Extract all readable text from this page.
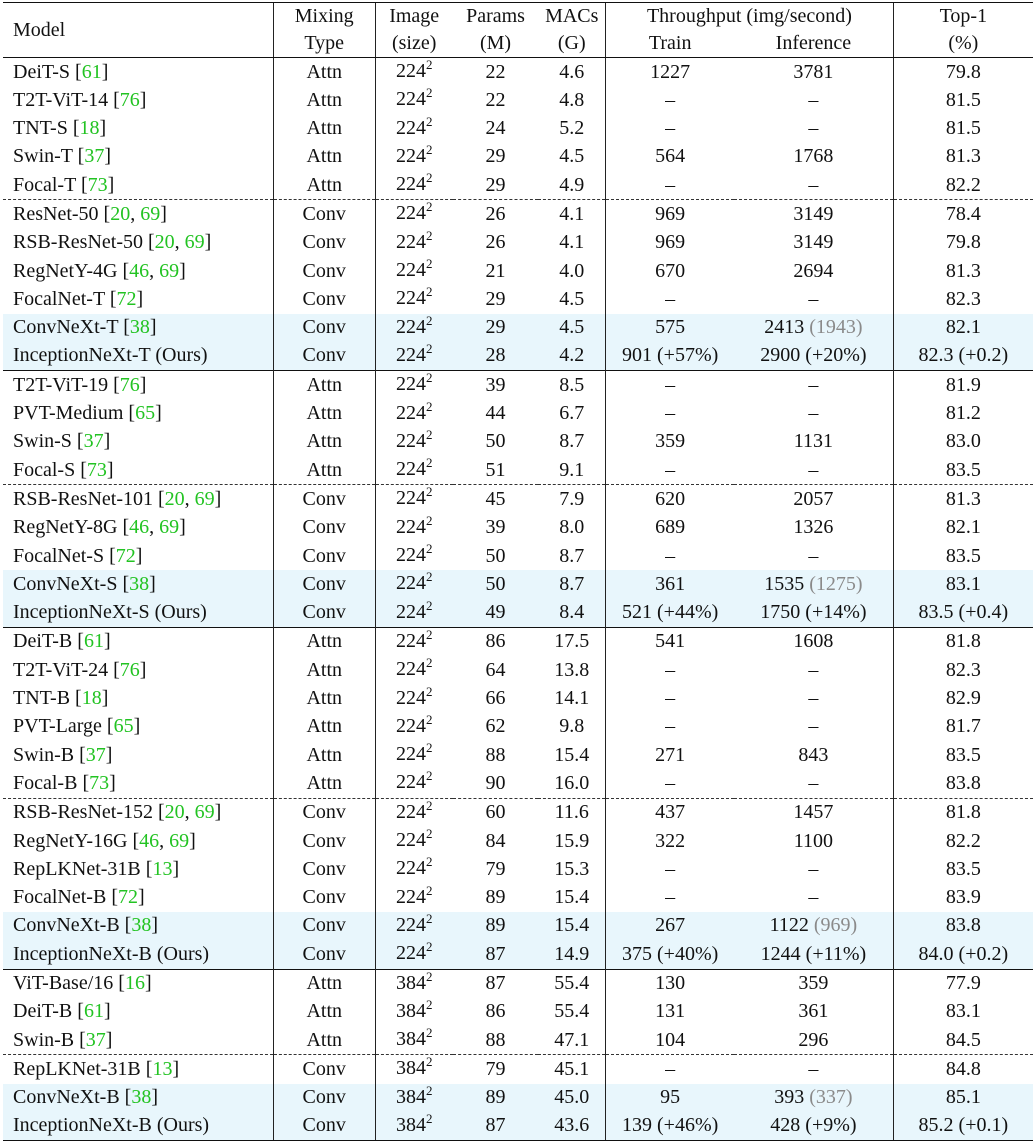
Model	Mixing	Image	Params	MACs	Throughput (img/second)		Top-1
	Type	(size)	(M)	(G)	Train	Inference	(%)
DeiT-S [61]	Attn	$224^2$	22	4.6	1227	3781	79.8
T2T-ViT-14 [76]	Attn	$224^2$	22	4.8	–	–	81.5
TNT-S [18]	Attn	$224^2$	24	5.2	–	–	81.5
Swin-T [37]	Attn	$224^2$	29	4.5	564	1768	81.3
Focal-T [73]	Attn	$224^2$	29	4.9	–	–	82.2
ResNet-50 [20, 69]	Conv	$224^2$	26	4.1	969	3149	78.4
RSB-ResNet-50 [20, 69]	Conv	$224^2$	26	4.1	969	3149	79.8
RegNetY-4G [46, 69]	Conv	$224^2$	21	4.0	670	2694	81.3
FocalNet-T [72]	Conv	$224^2$	29	4.5	–	–	82.3
ConvNeXt-T [38]	Conv	$224^2$	29	4.5	575	2413 (1943)	82.1
InceptionNeXt-T (Ours)	Conv	$224^2$	28	4.2	901 (+57%)	2900 (+20%)	82.3 (+0.2)
T2T-ViT-19 [76]	Attn	$224^2$	39	8.5	–	–	81.9
PVT-Medium [65]	Attn	$224^2$	44	6.7	–	–	81.2
Swin-S [37]	Attn	$224^2$	50	8.7	359	1131	83.0
Focal-S [73]	Attn	$224^2$	51	9.1	–	–	83.5
RSB-ResNet-101 [20, 69]	Conv	$224^2$	45	7.9	620	2057	81.3
RegNetY-8G [46, 69]	Conv	$224^2$	39	8.0	689	1326	82.1
FocalNet-S [72]	Conv	$224^2$	50	8.7	–	–	83.5
ConvNeXt-S [38]	Conv	$224^2$	50	8.7	361	1535 (1275)	83.1
InceptionNeXt-S (Ours)	Conv	$224^2$	49	8.4	521 (+44%)	1750 (+14%)	83.5 (+0.4)
DeiT-B [61]	Attn	$224^2$	86	17.5	541	1608	81.8
T2T-ViT-24 [76]	Attn	$224^2$	64	13.8	–	–	82.3
TNT-B [18]	Attn	$224^2$	66	14.1	–	–	82.9
PVT-Large [65]	Attn	$224^2$	62	9.8	–	–	81.7
Swin-B [37]	Attn	$224^2$	88	15.4	271	843	83.5
Focal-B [73]	Attn	$224^2$	90	16.0	–	–	83.8
RSB-ResNet-152 [20, 69]	Conv	$224^2$	60	11.6	437	1457	81.8
RegNetY-16G [46, 69]	Conv	$224^2$	84	15.9	322	1100	82.2
RepLKNet-31B [13]	Conv	$224^2$	79	15.3	–	–	83.5
FocalNet-B [72]	Conv	$224^2$	89	15.4	–	–	83.9
ConvNeXt-B [38]	Conv	$224^2$	89	15.4	267	1122 (969)	83.8
InceptionNeXt-B (Ours)	Conv	$224^2$	87	14.9	375 (+40%)	1244 (+11%)	84.0 (+0.2)
ViT-Base/16 [16]	Attn	$384^2$	87	55.4	130	359	77.9
DeiT-B [61]	Attn	$384^2$	86	55.4	131	361	83.1
Swin-B [37]	Attn	$384^2$	88	47.1	104	296	84.5
RepLKNet-31B [13]	Conv	$384^2$	79	45.1	–	–	84.8
ConvNeXt-B [38]	Conv	$384^2$	89	45.0	95	393 (337)	85.1
InceptionNeXt-B (Ours)	Conv	$384^2$	87	43.6	139 (+46%)	428 (+9%)	85.2 (+0.1)
